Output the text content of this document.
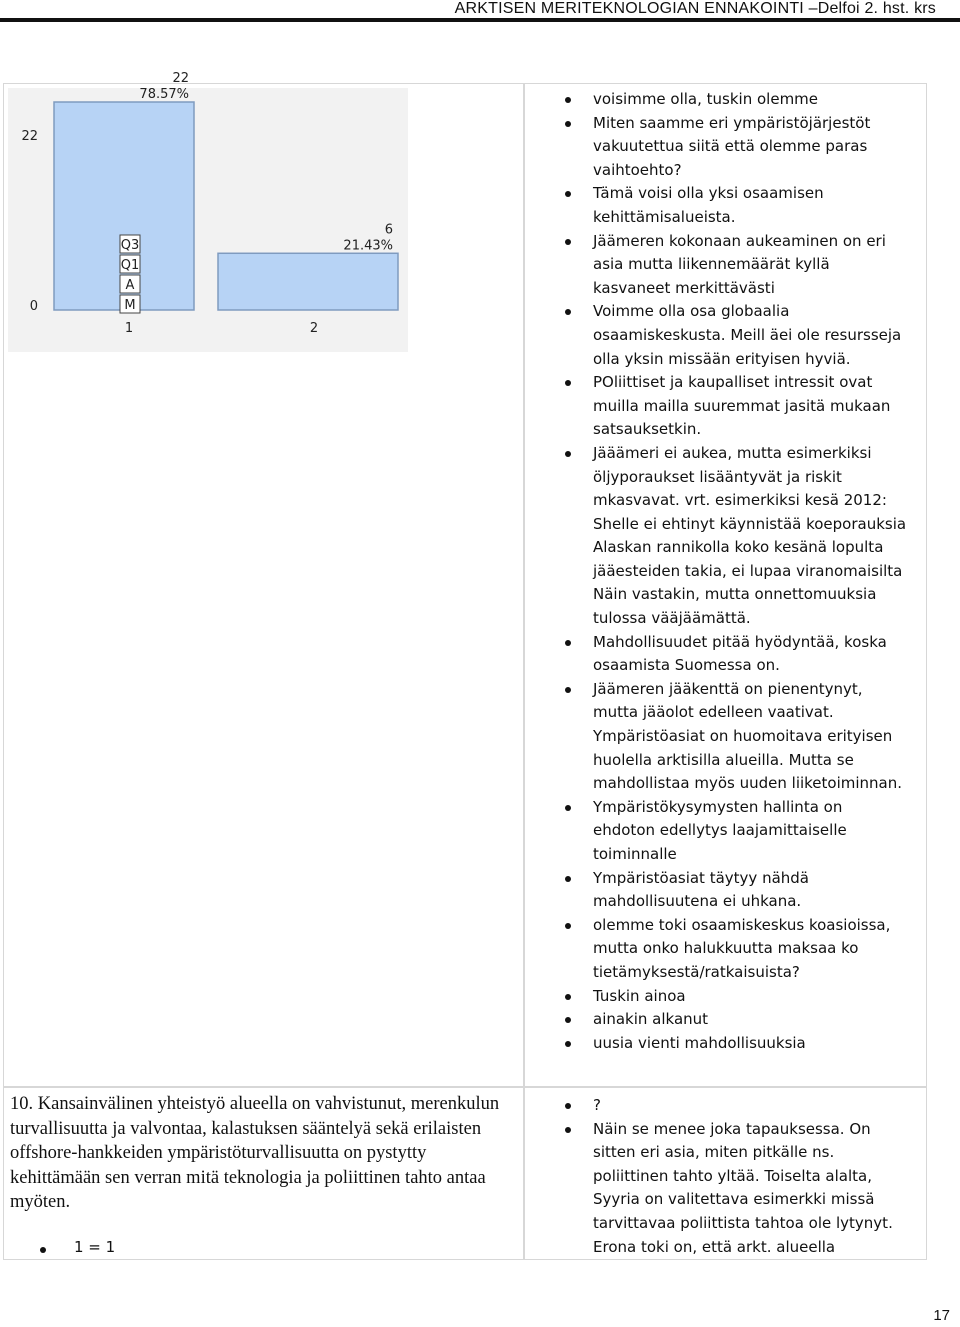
ARKTISEN MERITEKNOLOGIAN ENNAKOINTI –Delfoi 2. hst. krs
22
0
22
78.57%
1
6
21.43%
2
Q3
Q1
A
M
voisimme olla, tuskin olemme
Miten saamme eri ympäristöjärjestöt
vakuutettua siitä että olemme paras
vaihtoehto?
Tämä voisi olla yksi osaamisen
kehittämisalueista.
Jäämeren kokonaan aukeaminen on eri
asia mutta liikennemäärät kyllä
kasvaneet merkittävästi
Voimme olla osa globaalia
osaamiskeskusta. Meill äei ole resursseja
olla yksin missään erityisen hyviä.
POliittiset ja kaupalliset intressit ovat
muilla mailla suuremmat jasitä mukaan
satsauksetkin.
Jääämeri ei aukea, mutta esimerkiksi
öljyporaukset lisääntyvät ja riskit
mkasvavat. vrt. esimerkiksi kesä 2012:
Shelle ei ehtinyt käynnistää koeporauksia
Alaskan rannikolla koko kesänä lopulta
jääesteiden takia, ei lupaa viranomaisilta
Näin vastakin, mutta onnettomuuksia
tulossa vääjäämättä.
Mahdollisuudet pitää hyödyntää, koska
osaamista Suomessa on.
Jäämeren jääkenttä on pienentynyt,
mutta jääolot edelleen vaativat.
Ympäristöasiat on huomoitava erityisen
huolella arktisilla alueilla. Mutta se
mahdollistaa myös uuden liiketoiminnan.
Ympäristökysymysten hallinta on
ehdoton edellytys laajamittaiselle
toiminnalle
Ympäristöasiat täytyy nähdä
mahdollisuutena ei uhkana.
olemme toki osaamiskeskus koasioissa,
mutta onko halukkuutta maksaa ko
tietämyksestä/ratkaisuista?
Tuskin ainoa
ainakin alkanut
uusia vienti mahdollisuuksia
10. Kansainvälinen yhteistyö alueella on vahvistunut, merenkulun turvallisuutta ja valvontaa, kalastuksen sääntelyä sekä erilaisten offshore-hankkeiden ympäristöturvallisuutta on pystytty kehittämään sen verran mitä teknologia ja poliittinen tahto antaa myöten.
1 = 1
?
Näin se menee joka tapauksessa. On
sitten eri asia, miten pitkälle ns.
poliittinen tahto yltää. Toiselta alalta,
Syyria on valitettava esimerkki missä
tarvittavaa poliittista tahtoa ole lytynyt.
Erona toki on, että arkt. alueella
17
